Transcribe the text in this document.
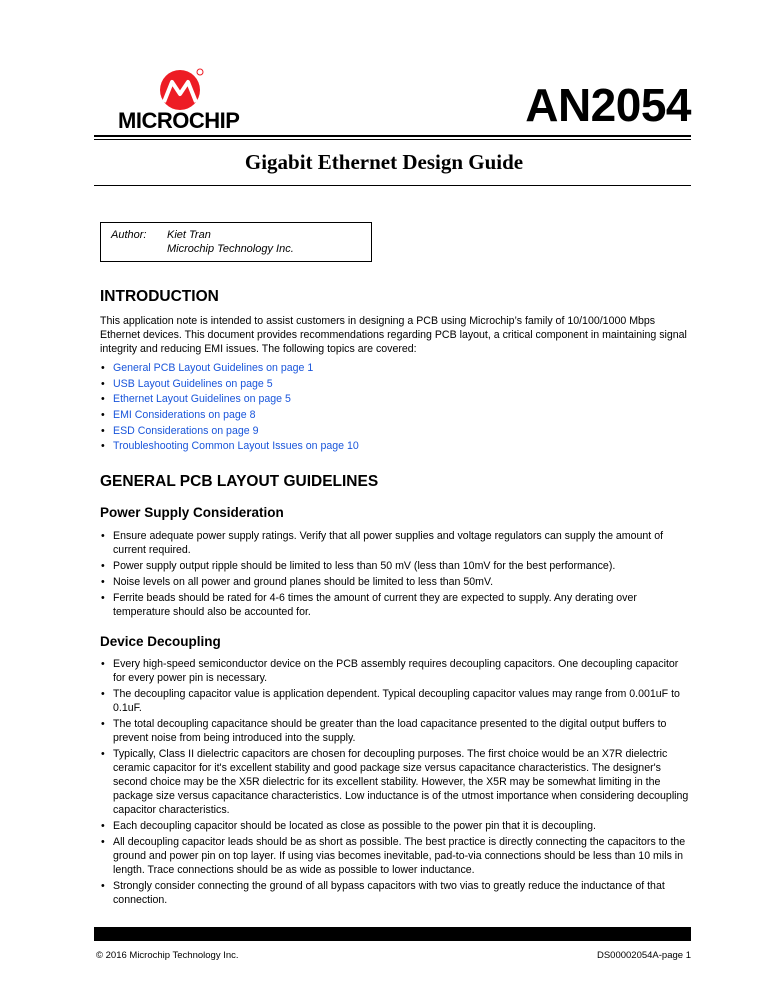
MICROCHIP	AN2054
Gigabit Ethernet Design Guide
Author: Kiet Tran
Microchip Technology Inc.
INTRODUCTION
This application note is intended to assist customers in designing a PCB using Microchip’s family of 10/100/1000 Mbps Ethernet devices. This document provides recommendations regarding PCB layout, a critical component in maintaining signal integrity and reducing EMI issues. The following topics are covered:
• General PCB Layout Guidelines on page 1
• USB Layout Guidelines on page 5
• Ethernet Layout Guidelines on page 5
• EMI Considerations on page 8
• ESD Considerations on page 9
• Troubleshooting Common Layout Issues on page 10
GENERAL PCB LAYOUT GUIDELINES
Power Supply Consideration
• Ensure adequate power supply ratings. Verify that all power supplies and voltage regulators can supply the amount of current required.
• Power supply output ripple should be limited to less than 50 mV (less than 10mV for the best performance).
• Noise levels on all power and ground planes should be limited to less than 50mV.
• Ferrite beads should be rated for 4-6 times the amount of current they are expected to supply. Any derating over temperature should also be accounted for.
Device Decoupling
• Every high-speed semiconductor device on the PCB assembly requires decoupling capacitors. One decoupling capacitor for every power pin is necessary.
• The decoupling capacitor value is application dependent. Typical decoupling capacitor values may range from 0.001uF to 0.1uF.
• The total decoupling capacitance should be greater than the load capacitance presented to the digital output buffers to prevent noise from being introduced into the supply.
• Typically, Class II dielectric capacitors are chosen for decoupling purposes. The first choice would be an X7R dielectric ceramic capacitor for it's excellent stability and good package size versus capacitance characteristics. The designer's second choice may be the X5R dielectric for its excellent stability. However, the X5R may be somewhat limiting in the package size versus capacitance characteristics. Low inductance is of the utmost importance when considering decoupling capacitor characteristics.
• Each decoupling capacitor should be located as close as possible to the power pin that it is decoupling.
• All decoupling capacitor leads should be as short as possible. The best practice is directly connecting the capacitors to the ground and power pin on top layer. If using vias becomes inevitable, pad-to-via connections should be less than 10 mils in length. Trace connections should be as wide as possible to lower inductance.
• Strongly consider connecting the ground of all bypass capacitors with two vias to greatly reduce the inductance of that connection.
© 2016 Microchip Technology Inc.	DS00002054A-page 1
